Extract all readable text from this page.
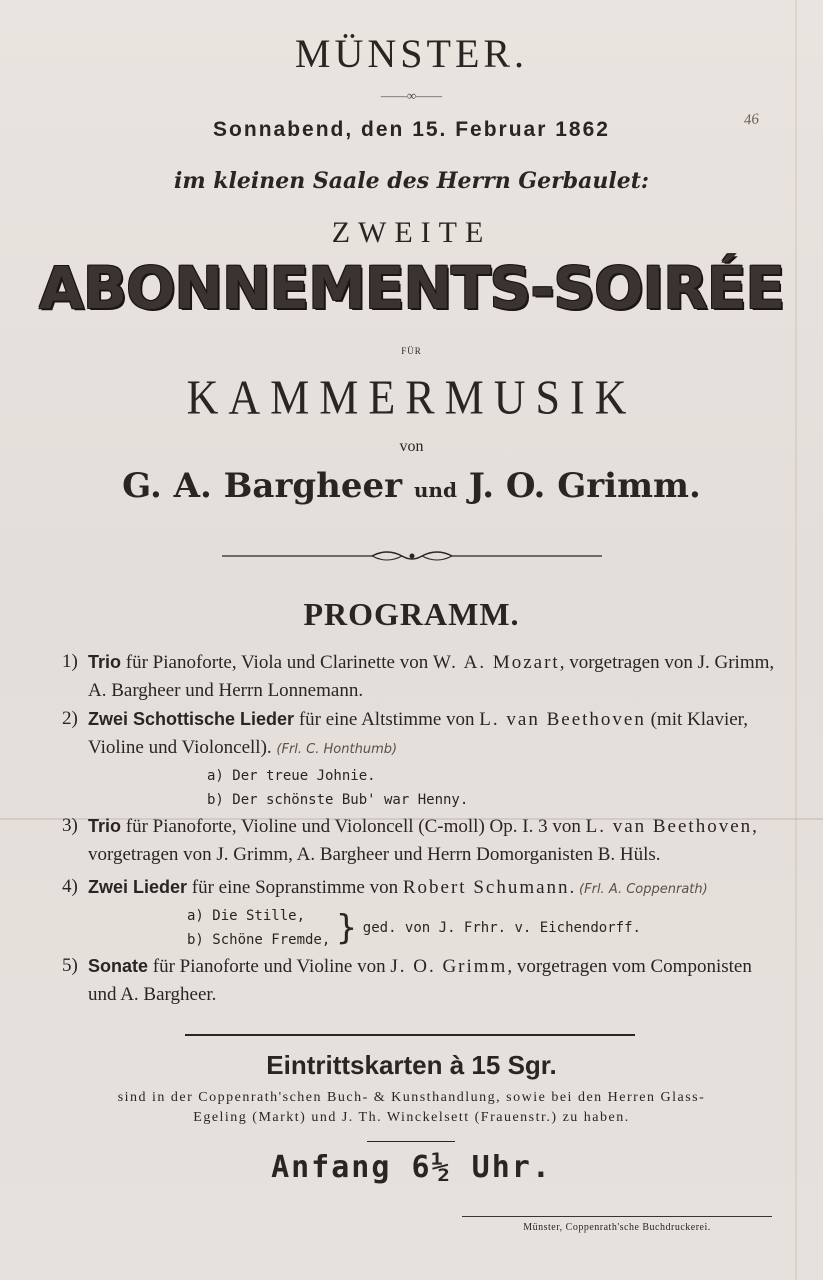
46
MÜNSTER.
——∞——
Sonnabend, den 15. Februar 1862
im kleinen Saale des Herrn Gerbaulet:
ZWEITE
ABONNEMENTS-SOIRÉE
FÜR
KAMMERMUSIK
von
G. A. Bargheer und J. O. Grimm.
PROGRAMM.
1) Trio für Pianoforte, Viola und Clarinette von W. A. Mozart, vorgetragen von J. Grimm, A. Bargheer und Herrn Lonnemann.
2) Zwei Schottische Lieder für eine Altstimme von L. van Beethoven (mit Klavier, Violine und Violoncell). (Frl. C. Honthumb)
a) Der treue Johnie.
b) Der schönste Bub' war Henny.
3) Trio für Pianoforte, Violine und Violoncell (C-moll) Op. I. 3 von L. van Beethoven, vorgetragen von J. Grimm, A. Bargheer und Herrn Domorganisten B. Hüls.
4) Zwei Lieder für eine Sopranstimme von Robert Schumann. (Frl. A. Coppenrath)
a) Die Stille,
b) Schöne Fremde, } ged. von J. Frhr. v. Eichendorff.
5) Sonate für Pianoforte und Violine von J. O. Grimm, vorgetragen vom Componisten und A. Bargheer.
Eintrittskarten à 15 Sgr.
sind in der Coppenrath'schen Buch- & Kunsthandlung, sowie bei den Herren Glass-
Egeling (Markt) und J. Th. Winckelsett (Frauenstr.) zu haben.
Anfang 6½ Uhr.
Münster, Coppenrath'sche Buchdruckerei.
